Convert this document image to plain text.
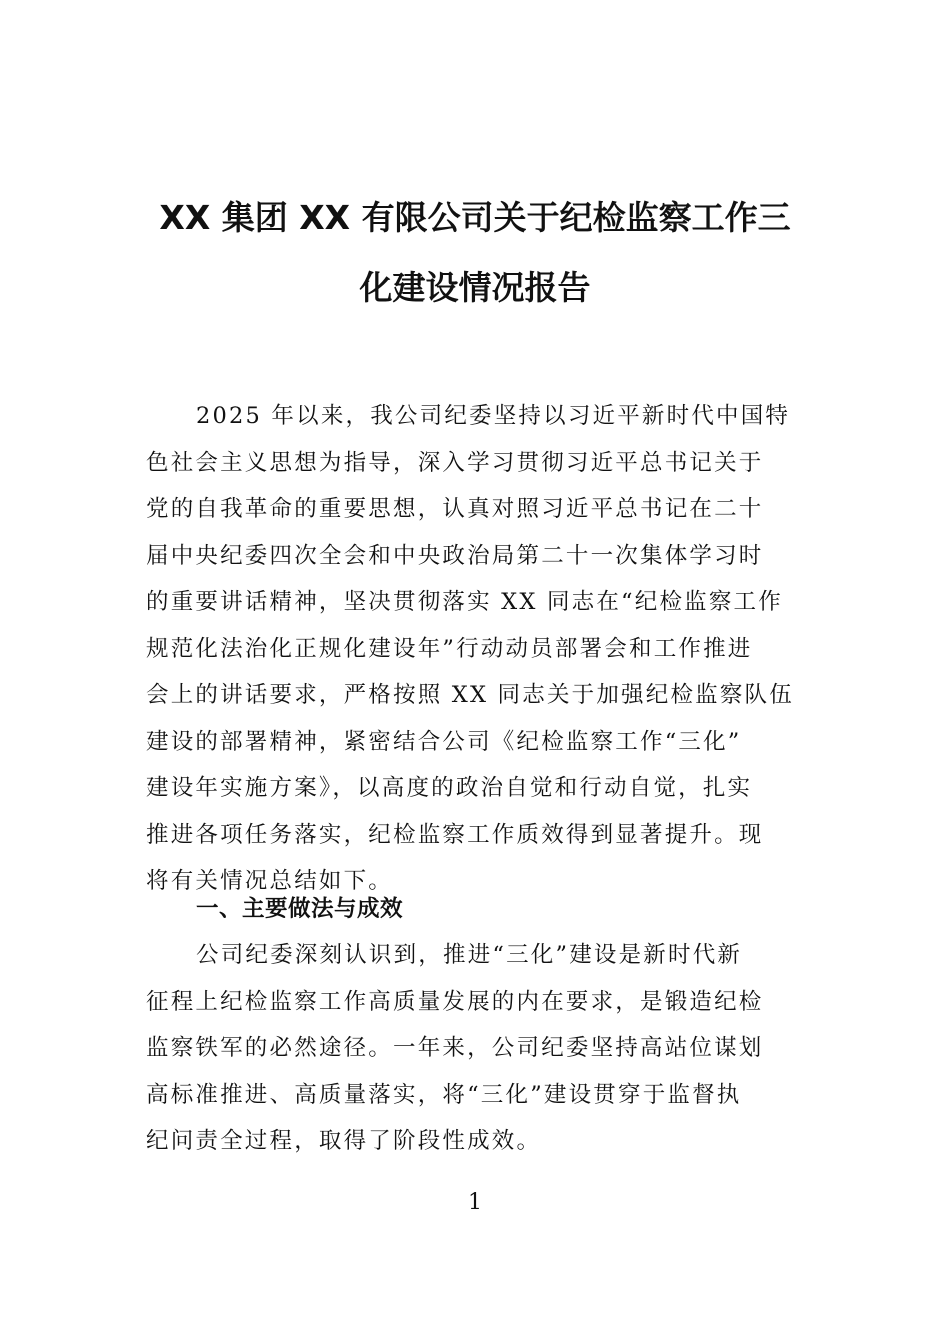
XX 集团 XX 有限公司关于纪检监察工作三
化建设情况报告
2025 年以来，我公司纪委坚持以习近平新时代中国特
色社会主义思想为指导，深入学习贯彻习近平总书记关于
党的自我革命的重要思想，认真对照习近平总书记在二十
届中央纪委四次全会和中央政治局第二十一次集体学习时
的重要讲话精神，坚决贯彻落实 XX 同志在“纪检监察工作
规范化法治化正规化建设年”行动动员部署会和工作推进
会上的讲话要求，严格按照 XX 同志关于加强纪检监察队伍
建设的部署精神，紧密结合公司《纪检监察工作“三化”
建设年实施方案》，以高度的政治自觉和行动自觉，扎实
推进各项任务落实，纪检监察工作质效得到显著提升。现
将有关情况总结如下。
一、主要做法与成效
公司纪委深刻认识到，推进“三化”建设是新时代新
征程上纪检监察工作高质量发展的内在要求，是锻造纪检
监察铁军的必然途径。一年来，公司纪委坚持高站位谋划
高标准推进、高质量落实，将“三化”建设贯穿于监督执
纪问责全过程，取得了阶段性成效。
1
